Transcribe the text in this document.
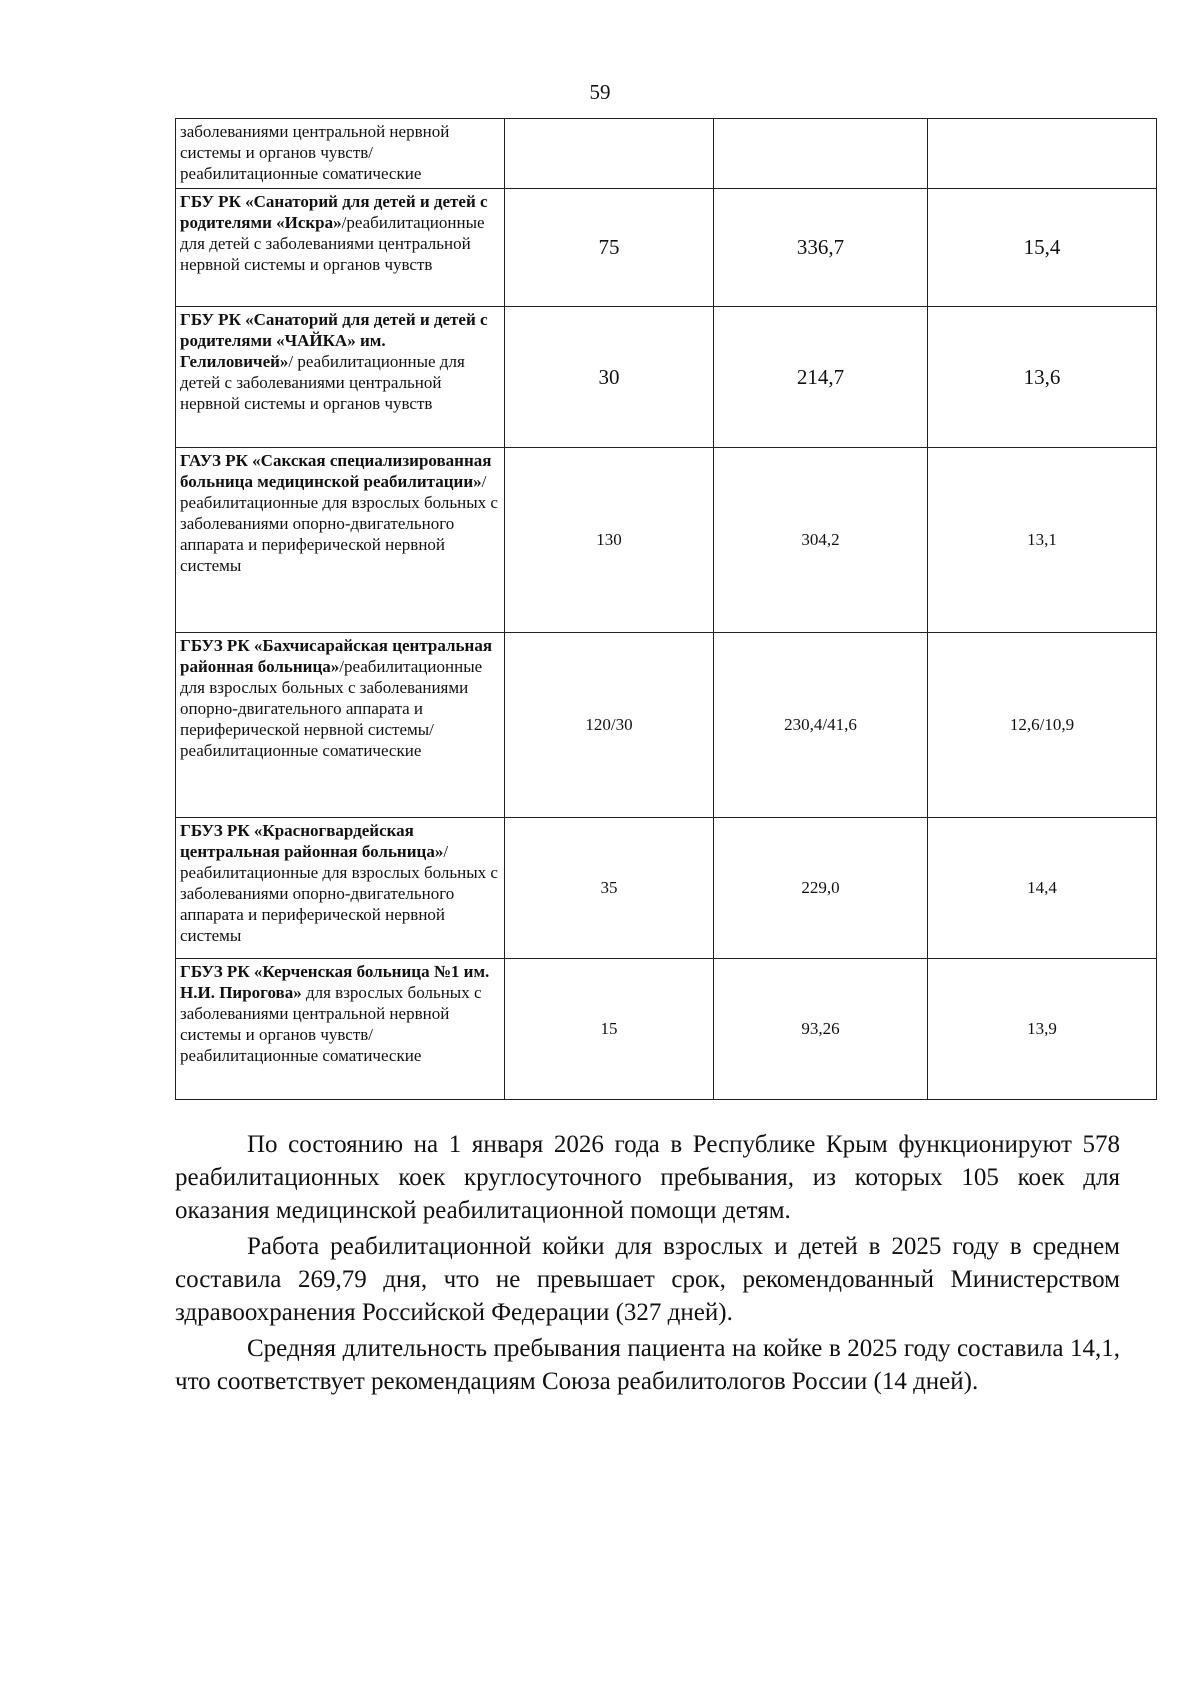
59
заболеваниями центральной нервной системы и органов чувств/ реабилитационные соматические			
ГБУ РК «Санаторий для детей и детей с родителями «Искра»/реабилитационные для детей с заболеваниями центральной нервной системы и органов чувств	75	336,7	15,4
ГБУ РК «Санаторий для детей и детей с родителями «ЧАЙКА» им. Гелиловичей»/ реабилитационные для детей с заболеваниями центральной нервной системы и органов чувств	30	214,7	13,6
ГАУЗ РК «Сакская специализированная больница медицинской реабилитации»/реабилитационные для взрослых больных с заболеваниями опорно-двигательного аппарата и периферической нервной системы	130	304,2	13,1
ГБУЗ РК «Бахчисарайская центральная районная больница»/реабилитационные для взрослых больных с заболеваниями опорно-двигательного аппарата и периферической нервной системы/реабилитационные соматические	120/30	230,4/41,6	12,6/10,9
ГБУЗ РК «Красногвардейская центральная районная больница»/реабилитационные для взрослых больных с заболеваниями опорно-двигательного аппарата и периферической нервной системы	35	229,0	14,4
ГБУЗ РК «Керченская больница №1 им. Н.И. Пирогова» для взрослых больных с заболеваниями центральной нервной системы и органов чувств/ реабилитационные соматические	15	93,26	13,9

По состоянию на 1 января 2026 года в Республике Крым функционируют 578 реабилитационных коек круглосуточного пребывания, из которых 105 коек для оказания медицинской реабилитационной помощи детям.

Работа реабилитационной койки для взрослых и детей в 2025 году в среднем составила 269,79 дня, что не превышает срок, рекомендованный Министерством здравоохранения Российской Федерации (327 дней).

Средняя длительность пребывания пациента на койке в 2025 году составила 14,1, что соответствует рекомендациям Союза реабилитологов России (14 дней).
